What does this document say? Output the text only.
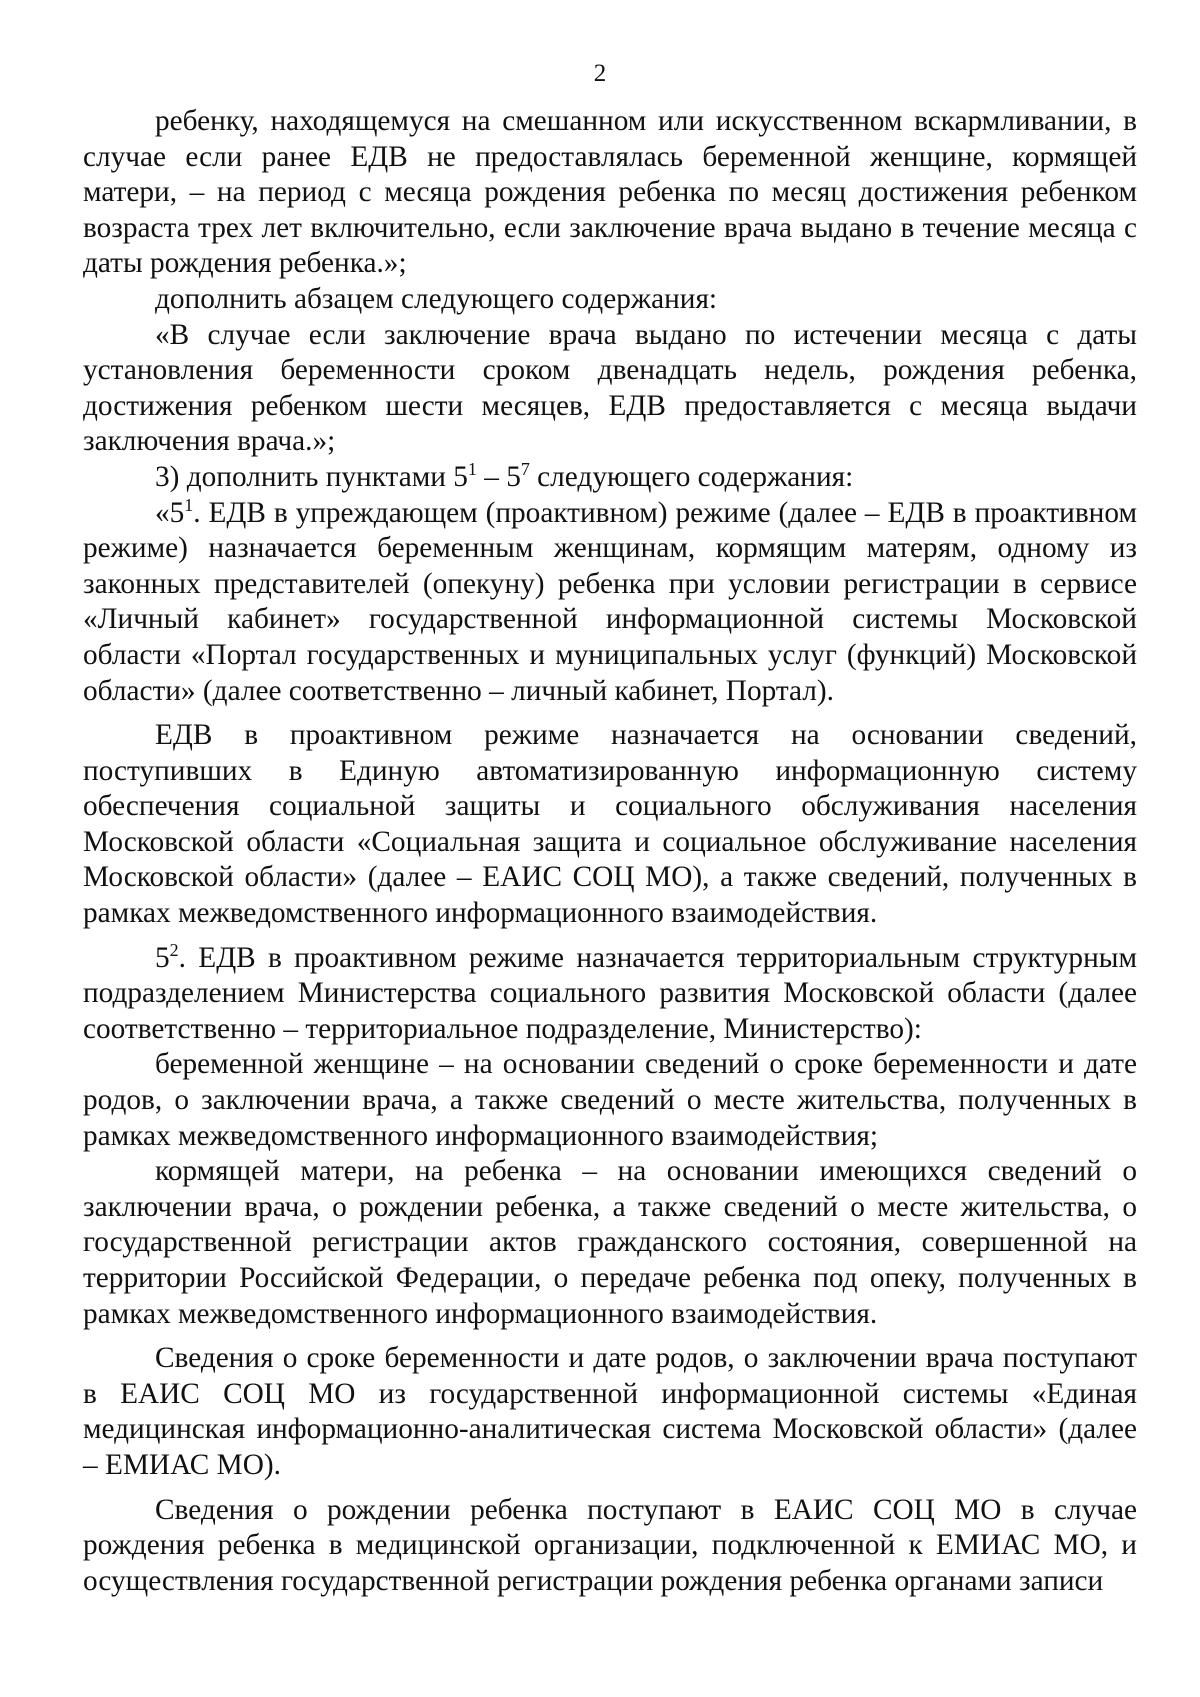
2

ребенку, находящемуся на смешанном или искусственном вскармливании, в случае если ранее ЕДВ не предоставлялась беременной женщине, кормящей матери, – на период с месяца рождения ребенка по месяц достижения ребенком возраста трех лет включительно, если заключение врача выдано в течение месяца с даты рождения ребенка.»;

дополнить абзацем следующего содержания:

«В случае если заключение врача выдано по истечении месяца с даты установления беременности сроком двенадцать недель, рождения ребенка, достижения ребенком шести месяцев, ЕДВ предоставляется с месяца выдачи заключения врача.»;

3) дополнить пунктами $5^1 - 5^7$ следующего содержания:

«$5^1$. ЕДВ в упреждающем (проактивном) режиме (далее – ЕДВ в проактивном режиме) назначается беременным женщинам, кормящим матерям, одному из законных представителей (опекуну) ребенка при условии регистрации в сервисе «Личный кабинет» государственной информационной системы Московской области «Портал государственных и муниципальных услуг (функций) Московской области» (далее соответственно – личный кабинет, Портал).

ЕДВ в проактивном режиме назначается на основании сведений, поступивших в Единую автоматизированную информационную систему обеспечения социальной защиты и социального обслуживания населения Московской области «Социальная защита и социальное обслуживание населения Московской области» (далее – ЕАИС СОЦ МО), а также сведений, полученных в рамках межведомственного информационного взаимодействия.

$5^2$. ЕДВ в проактивном режиме назначается территориальным структурным подразделением Министерства социального развития Московской области (далее соответственно – территориальное подразделение, Министерство):

беременной женщине – на основании сведений о сроке беременности и дате родов, о заключении врача, а также сведений о месте жительства, полученных в рамках межведомственного информационного взаимодействия;

кормящей матери, на ребенка – на основании имеющихся сведений о заключении врача, о рождении ребенка, а также сведений о месте жительства, о государственной регистрации актов гражданского состояния, совершенной на территории Российской Федерации, о передаче ребенка под опеку, полученных в рамках межведомственного информационного взаимодействия.

Сведения о сроке беременности и дате родов, о заключении врача поступают в ЕАИС СОЦ МО из государственной информационной системы «Единая медицинская информационно-аналитическая система Московской области» (далее – ЕМИАС МО).

Сведения о рождении ребенка поступают в ЕАИС СОЦ МО в случае рождения ребенка в медицинской организации, подключенной к ЕМИАС МО, и осуществления государственной регистрации рождения ребенка органами записи
